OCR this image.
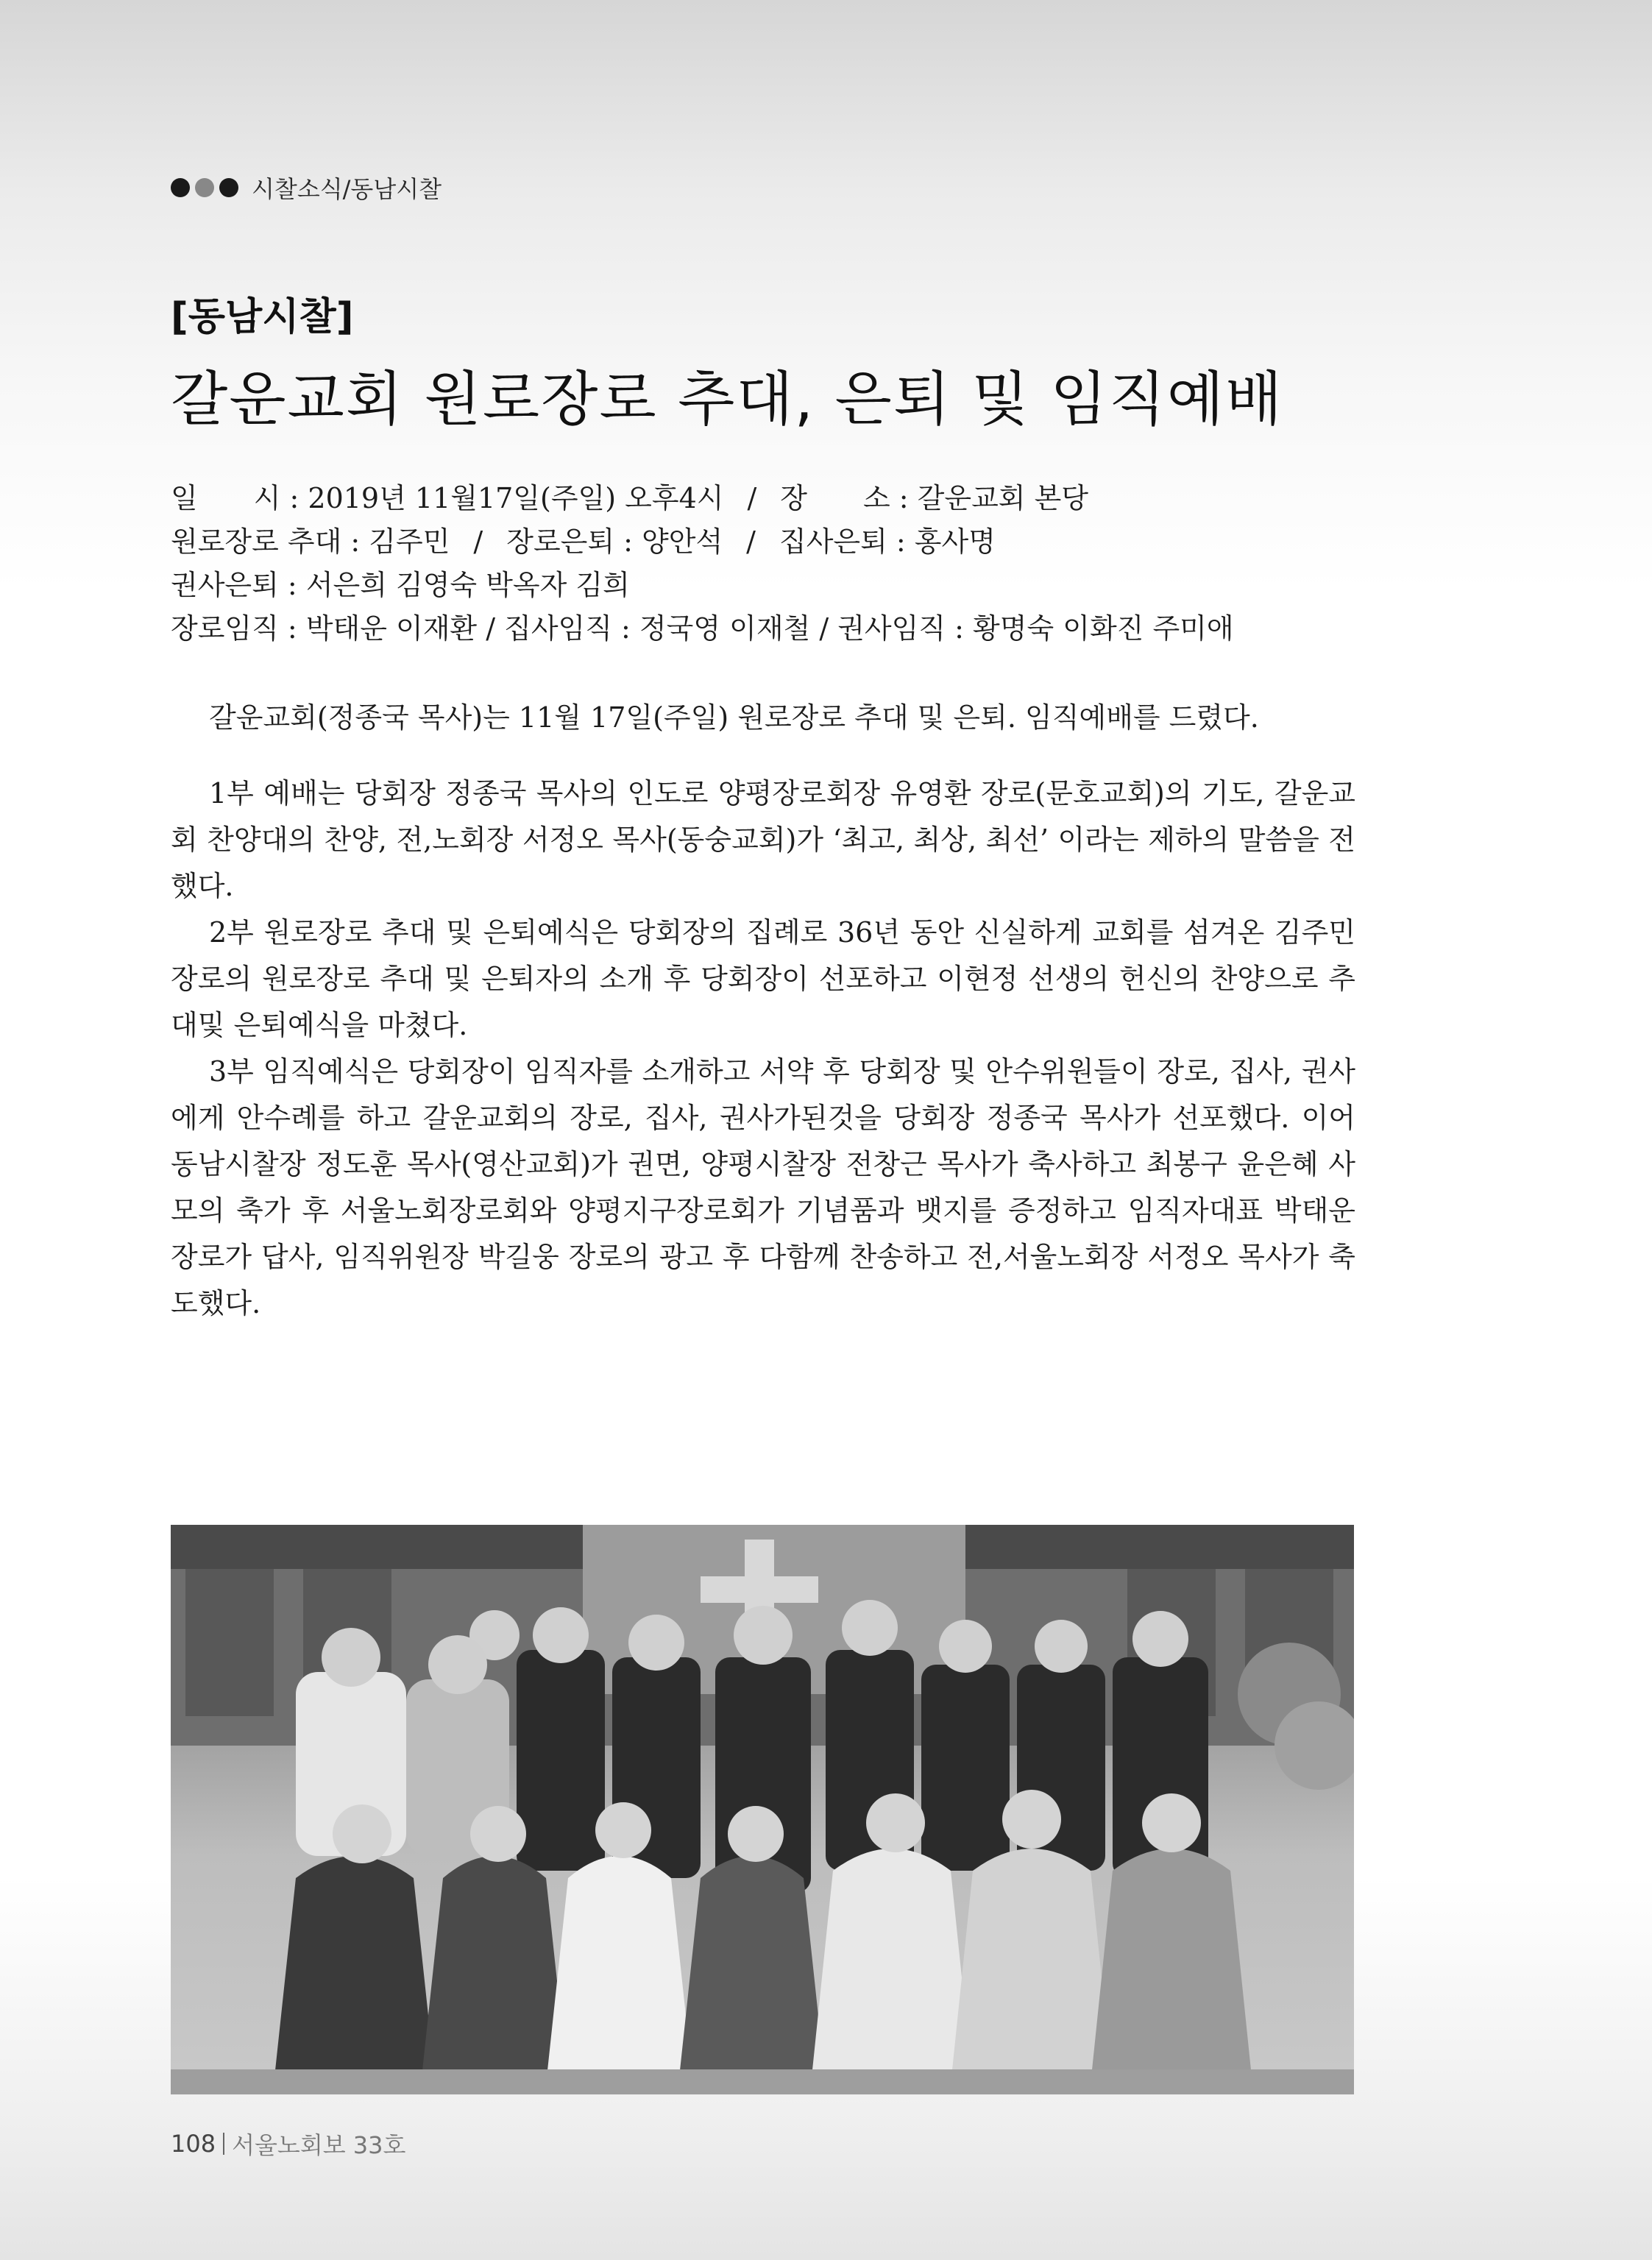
시찰소식/동남시찰
[동남시찰]
갈운교회 원로장로 추대, 은퇴 및 임직예배
일　　시 : 2019년 11월17일(주일) 오후4시 / 장　　소 : 갈운교회 본당
원로장로 추대 : 김주민 / 장로은퇴 : 양안석 / 집사은퇴 : 홍사명
권사은퇴 : 서은희 김영숙 박옥자 김희
장로임직 : 박태운 이재환 / 집사임직 : 정국영 이재철 / 권사임직 : 황명숙 이화진 주미애

갈운교회(정종국 목사)는 11월 17일(주일) 원로장로 추대 및 은퇴. 임직예배를 드렸다.

1부 예배는 당회장 정종국 목사의 인도로 양평장로회장 유영환 장로(문호교회)의 기도, 갈운교회 찬양대의 찬양, 전,노회장 서정오 목사(동숭교회)가 ‘최고, 최상, 최선’ 이라는 제하의 말씀을 전했다.

2부 원로장로 추대 및 은퇴예식은 당회장의 집례로 36년 동안 신실하게 교회를 섬겨온 김주민 장로의 원로장로 추대 및 은퇴자의 소개 후 당회장이 선포하고 이현정 선생의 헌신의 찬양으로 추대및 은퇴예식을 마쳤다.

3부 임직예식은 당회장이 임직자를 소개하고 서약 후 당회장 및 안수위원들이 장로, 집사, 권사에게 안수례를 하고 갈운교회의 장로, 집사, 권사가된것을 당회장 정종국 목사가 선포했다. 이어 동남시찰장 정도훈 목사(영산교회)가 권면, 양평시찰장 전창근 목사가 축사하고 최봉구 윤은혜 사모의 축가 후 서울노회장로회와 양평지구장로회가 기념품과 뱃지를 증정하고 임직자대표 박태운 장로가 답사, 임직위원장 박길웅 장로의 광고 후 다함께 찬송하고 전,서울노회장 서정오 목사가 축도했다.

108 서울노회보 33호
